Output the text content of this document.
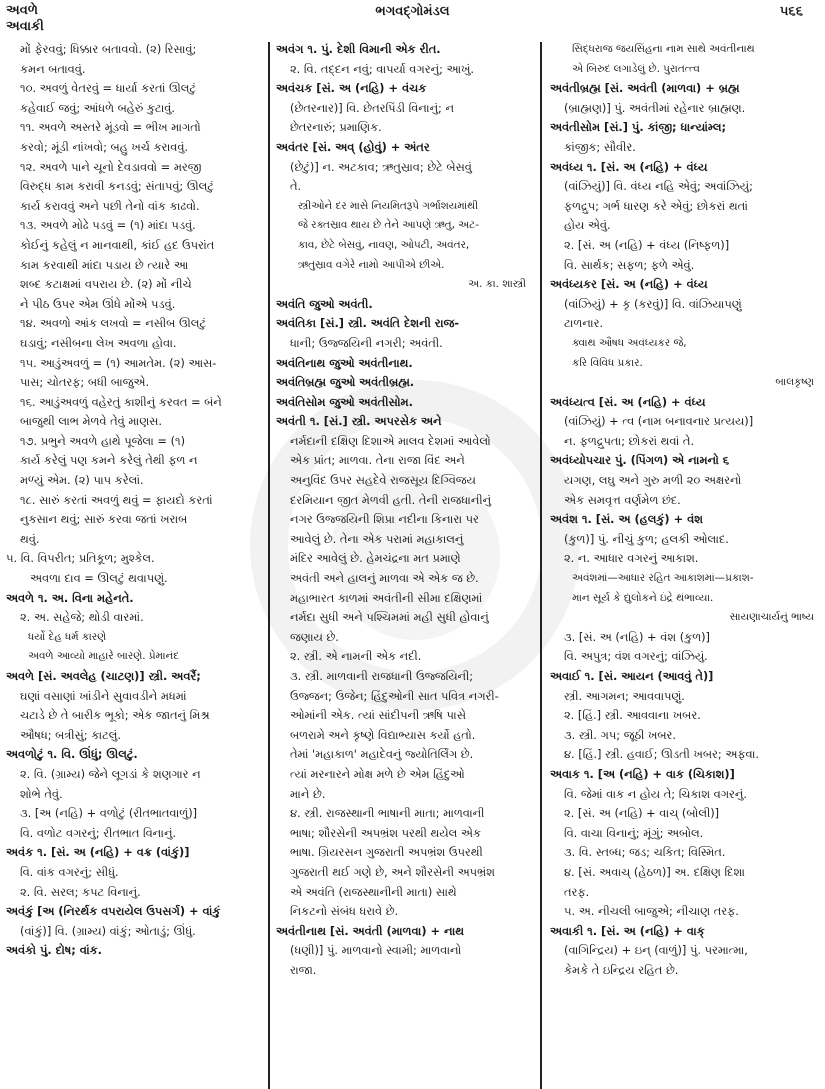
અવળે
અવાકી
ભગવદ્ગોમંડલ	૫૬૬
મોં ફેરવવું; ધિક્કાર બતાવવો. (૨) રિસાવું;
કમન બતાવવું.
૧૦. અવળું વેતરવું = ધાર્યા કરતાં ઊલટું
કહેવાઈ જવું; આંધળે બહેરું કુટાવું.
૧૧. અવળે અસ્તરે મૂંડવો = ભીખ માગતો
કરવો; મૂંડી નાંખવો; બહુ ખર્ચ કરાવવું.
૧૨. અવળે પાને ચૂનો દેવડાવવો = મરજી
વિરુદ્ધ કામ કરાવી કનડવું; સંતાપવું; ઊલટું
કાર્ય કરાવવું અને પછી તેનો વાંક કાઢવો.
૧૩. અવળે મોઢે પડવું = (૧) માંદા પડવું.
કોઈનું કહેલું ન માનવાથી, કાંઈ હદ ઉપરાંત
કામ કરવાથી માંદા પડાય છે ત્યારે આ
શબ્દ કટાક્ષમાં વપરાય છે. (૨) મોં નીચે
ને પીઠ ઉપર એમ ઊંધે મોંએ પડવું.
૧૪. અવળો આંક લખવો = નસીબ ઊલટું
ઘડાવું; નસીબના લેખ અવળા હોવા.
૧૫. આડુંઅવળું = (૧) આમતેમ. (૨) આસ-
પાસ; ચોતરફ; બધી બાજુએ.
૧૬. આડુંઅવળું વહેરતું કાશીનું કરવત = બંને
બાજુથી લાભ મેળવે તેવું માણસ.
૧૭. પ્રભુને અવળે હાથે પૂજેલા = (૧)
કાર્ય કરેલું પણ કમને કરેલું તેથી ફળ ન
મળ્યું એમ. (૨) પાપ કરેલાં.
૧૮. સારું કરતાં અવળું થવું = ફાયદો કરતાં
નુકસાન થવું; સારું કરવા જતાં ખરાબ
થવું.
૫. વિ. વિપરીત; પ્રતિકૂળ; મુશ્કેલ.
અવળા દાવ = ઊલટું થવાપણું.
અવળે ૧. અ. વિના મહેનતે.
૨. અ. સહેજે; થોડી વારમાં.
ધર્યો દેહ ધર્મ કારણે
અવળે આવ્યો માહારે બારણે. પ્રેમાનંદ
અવળે [સં. અવલેહ (ચાટણ)] સ્ત્રી. અવરૈં;
ઘણાં વસાણાં ખાંડીને સુવાવડીને મધમાં
ચટાડે છે તે બારીક ભૂકો; એક જાતનું મિશ્ર
ઔષધ; બત્રીસું; કાટલું.
અવળોટું ૧. વિ. ઊંધું; ઊલટું.
૨. વિ. (ગ્રામ્ય) જેને લૂગડાં કે શણગાર ન
શોભે તેવું.
૩. [અ (નહિ) + વળોટું (રીતભાતવાળું)]
વિ. વળોટ વગરનું; રીતભાત વિનાનું.
અવંક ૧. [સં. અ (નહિ) + વક્ર (વાંકું)]
વિ. વાંક વગરનું; સીધું.
૨. વિ. સરલ; કપટ વિનાનું.
અવંકું [અ (નિરર્થક વપરાયેલ ઉપસર્ગ) + વાંકું
(વાંકું)] વિ. (ગ્રામ્ય) વાંકું; ઓતાડું; ઊંધું.
અવંકો પું. દોષ; વાંક.
અવંગ ૧. પું. દેશી વિમાની એક રીત.
૨. વિ. તદ્દન નવું; વાપર્યા વગરનું; આખું.
અવંચક [સં. અ (નહિ) + વંચક
(છેતરનાર)] વિ. છેતરપિંડી વિનાનું; ન
છેતરનારું; પ્રમાણિક.
અવંતર [સં. અવ્ (હોવું) + અંતર
(છેટું)] ન. અટકાવ; ઋતુસ્રાવ; છેટે બેસવું
તે.
સ્ત્રીઓને દર માસે નિયમિતરૂપે ગર્ભાશયમાંથી
જે રક્તસ્રાવ થાય છે તેને આપણે ઋતુ, અટ-
કાવ, છેટે બેસવું, નાવણ, ઓપટી, અવંતર,
ઋતુસ્રાવ વગેરે નામો આપીએ છીએ.
અ. કા. શાસ્ત્રી
અવંતિ જુઓ અવંતી.
અવંતિકા [સં.] સ્ત્રી. અવંતિ દેશની રાજ-
ધાની; ઉજ્જયિની નગરી; અવંતી.
અવંતિનાથ જુઓ અવંતીનાથ.
અવંતિબ્રહ્મ જુઓ અવંતીબ્રહ્મ.
અવંતિસોમ જુઓ અવંતીસોમ.
અવંતી ૧. [સં.] સ્ત્રી. અપરસેક અને
નર્મદાની દક્ષિણ દિશાએ માલવ દેશમાં આવેલો
એક પ્રાંત; માળવા. તેના રાજા વિંદ અને
અનુવિંદ ઉપર સહદેવે રાજસૂય દિગ્વિજય
દરમિયાન જીત મેળવી હતી. તેની રાજધાનીનું
નગર ઉજ્જયિની શિપ્રા નદીના કિનારા પર
આવેલું છે. તેના એક પરામાં મહાકાલનું
મંદિર આવેલું છે. હેમચંદ્રના મત પ્રમાણે
અવંતી અને હાલનું માળવા એ એક જ છે.
મહાભારત કાળમાં અવંતીની સીમા દક્ષિણમાં
નર્મદા સુધી અને પશ્ચિમમાં મહી સુધી હોવાનું
જણાય છે.
૨. સ્ત્રી. એ નામની એક નદી.
૩. સ્ત્રી. માળવાની રાજધાની ઉજ્જયિની;
ઉજ્જન; ઉજેન; હિંદુઓની સાત પવિત્ર નગરી-
ઓમાંની એક. ત્યાં સાંદીપની ઋષિ પાસે
બળરામે અને કૃષ્ણે વિદ્યાભ્યાસ કર્યો હતો.
તેમાં 'મહાકાળ' મહાદેવનું જ્યોતિર્લિંગ છે.
ત્યાં મરનારને મોક્ષ મળે છે એમ હિંદુઓ
માને છે.
૪. સ્ત્રી. રાજસ્થાની ભાષાની માતા; માળવાની
ભાષા; શૌરસેની અપભ્રંશ પરથી થયેલ એક
ભાષા. ગ્રિયરસન ગુજરાતી અપભ્રંશ ઉપરથી
ગુજરાતી થઈ ગણે છે, અને શૌરસેની અપભ્રંશ
એ અવંતિ (રાજસ્થાનીની માતા) સાથે
નિકટનો સંબંધ ધરાવે છે.
અવંતીનાથ [સં. અવંતી (માળવા) + નાથ
(ધણી)] પું. માળવાનો સ્વામી; માળવાનો
રાજા.
સિદ્ધરાજ જયસિંહના નામ સાથે અવંતીનાથ
એ બિરુદ લગાડેલું છે. પુરાતત્ત્વ
અવંતીબ્રહ્મ [સં. અવંતી (માળવા) + બ્રહ્મ
(બ્રાહ્મણ)] પું. અવંતીમાં રહેનાર બ્રાહ્મણ.
અવંતીસોમ [સં.] પું. કાંજી; ધાન્યાંમ્લ;
કાંજીક; સૌવીર.
અવંધ્ય ૧. [સં. અ (નહિ) + વંધ્ય
(વાંઝિયું)] વિ. વંધ્ય નહિ એવું; અવાંઝિયું;
ફળદ્રુપ; ગર્ભ ધારણ કરે એવું; છોકરાં થતાં
હોય એવું.
૨. [સં. અ (નહિ) + વંધ્ય (નિષ્ફળ)]
વિ. સાર્થક; સફળ; ફળે એવું.
અવંધ્યકર [સં. અ (નહિ) + વંધ્ય
(વાંઝિયું) + કૃ (કરવું)] વિ. વાંઝિયાપણું
ટાળનાર.
ક્વાથ ઔષધ અવંધ્યકર જે,
કરિ વિવિધ પ્રકાર.
બાલકૃષ્ણ
અવંધ્યત્વ [સં. અ (નહિ) + વંધ્ય
(વાંઝિયું) + ત્વ (નામ બનાવનાર પ્રત્યય)]
ન. ફળદ્રુપતા; છોકરાં થવાં તે.
અવંધ્યોપચાર પું. (પિંગળ) એ નામનો ૬
યગણ, લઘુ અને ગુરુ મળી ૨૦ અક્ષરનો
એક સમવૃત્ત વર્ણમેળ છંદ.
અવંશ ૧. [સં. અ (હલકું) + વંશ
(કુળ)] પું. નીચું કુળ; હલકી ઓલાદ.
૨. ન. આધાર વગરનું આકાશ.
અવંશમાં—આધાર રહિત આકાશમાં—પ્રકાશ-
માન સૂર્ય કે દ્યુલોકને ઇંદ્રે થંભાવ્યા.
સાયણાચાર્યનું ભાષ્ય
૩. [સં. અ (નહિ) + વંશ (કુળ)]
વિ. અપુત્ર; વંશ વગરનું; વાંઝિયું.
અવાઈ ૧. [સં. આયન (આવવું તે)]
સ્ત્રી. આગમન; આવવાપણું.
૨. [હિં.] સ્ત્રી. આવવાના ખબર.
૩. સ્ત્રી. ગપ; જૂઠી ખબર.
૪. [હિં.] સ્ત્રી. હવાઈ; ઊડતી ખબર; અફવા.
અવાક ૧. [અ (નહિ) + વાક (ચિકાશ)]
વિ. જેમાં વાક ન હોય તે; ચિકાશ વગરનું.
૨. [સં. અ (નહિ) + વાચ્ (બોલી)]
વિ. વાચા વિનાનું; મૂંગું; અબોલ.
૩. વિ. સ્તબ્ધ; જડ; ચકિત; વિસ્મિત.
૪. [સં. અવાચ્ (હેઠળ)] અ. દક્ષિણ દિશા
તરફ.
૫. અ. નીચલી બાજુએ; નીચાણ તરફ.
અવાકી ૧. [સં. અ (નહિ) + વાક્
(વાગિન્દ્રિય) + ઇન્ (વાળું)] પું. પરમાત્મા,
કેમકે તે ઇન્દ્રિય રહિત છે.
